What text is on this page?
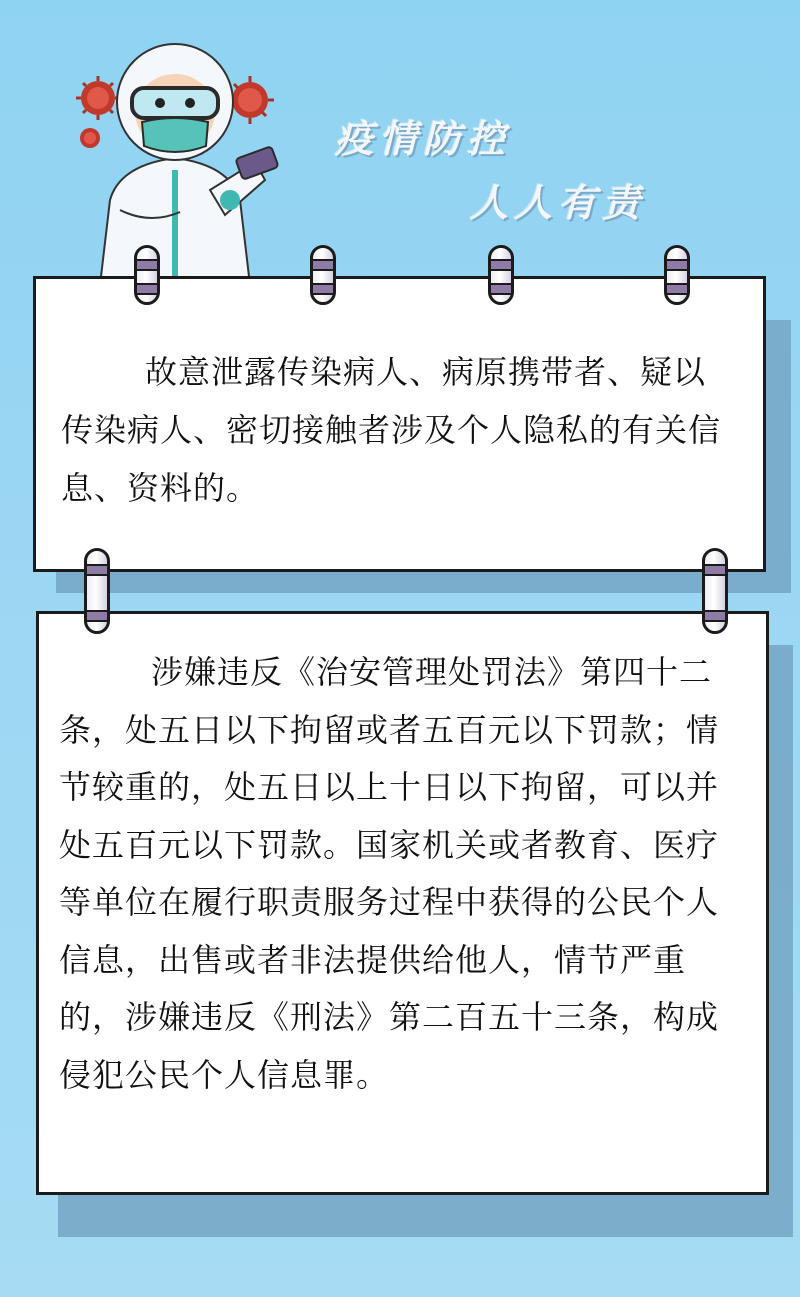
疫情防控
人人有责

故意泄露传染病人、病原携带者、疑以传染病人、密切接触者涉及个人隐私的有关信息、资料的。

涉嫌违反《治安管理处罚法》第四十二条，处五日以下拘留或者五百元以下罚款；情节较重的，处五日以上十日以下拘留，可以并处五百元以下罚款。国家机关或者教育、医疗等单位在履行职责服务过程中获得的公民个人信息，出售或者非法提供给他人，情节严重的，涉嫌违反《刑法》第二百五十三条，构成侵犯公民个人信息罪。
